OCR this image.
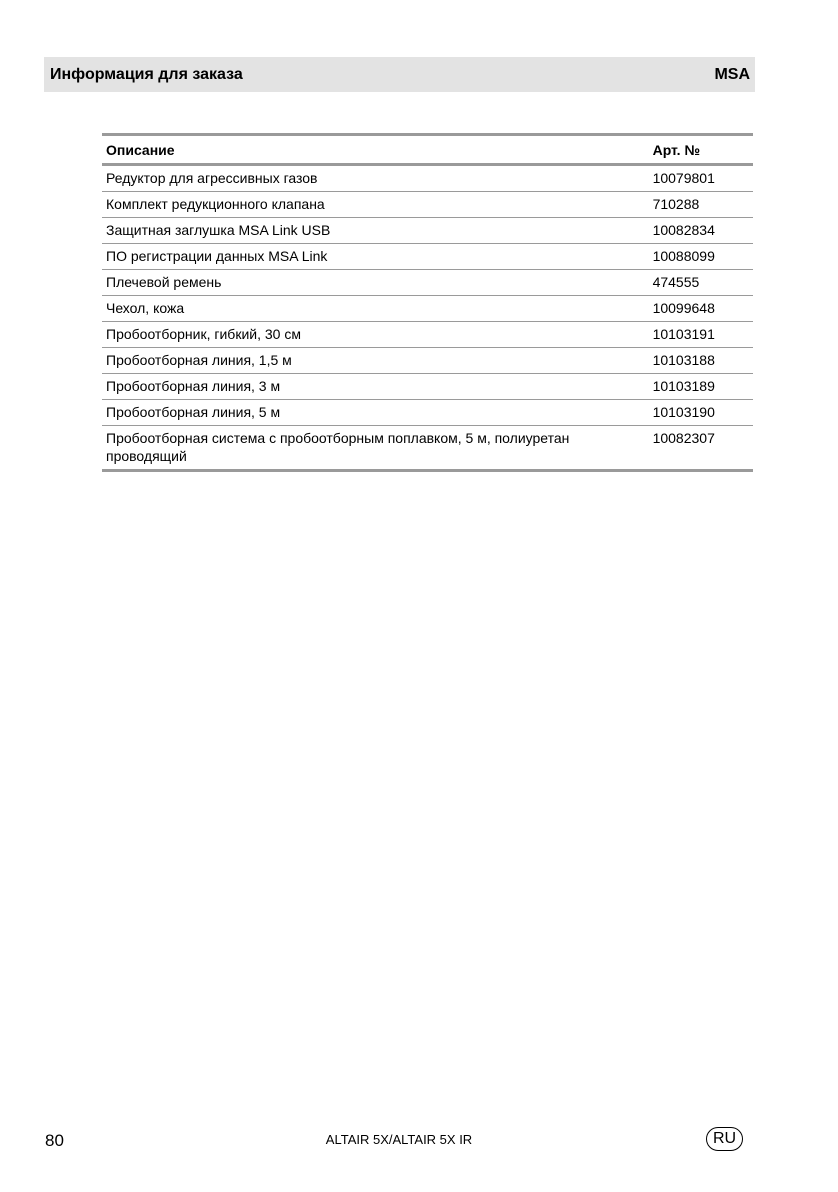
Информация для заказа	MSA
Описание	Арт. №
Редуктор для агрессивных газов	10079801
Комплект редукционного клапана	710288
Защитная заглушка MSA Link USB	10082834
ПО регистрации данных MSA Link	10088099
Плечевой ремень	474555
Чехол, кожа	10099648
Пробоотборник, гибкий, 30 см	10103191
Пробоотборная линия, 1,5 м	10103188
Пробоотборная линия, 3 м	10103189
Пробоотборная линия, 5 м	10103190
Пробоотборная система с пробоотборным поплавком, 5 м, полиуретан проводящий	10082307
80	ALTAIR 5X/ALTAIR 5X IR	RU
